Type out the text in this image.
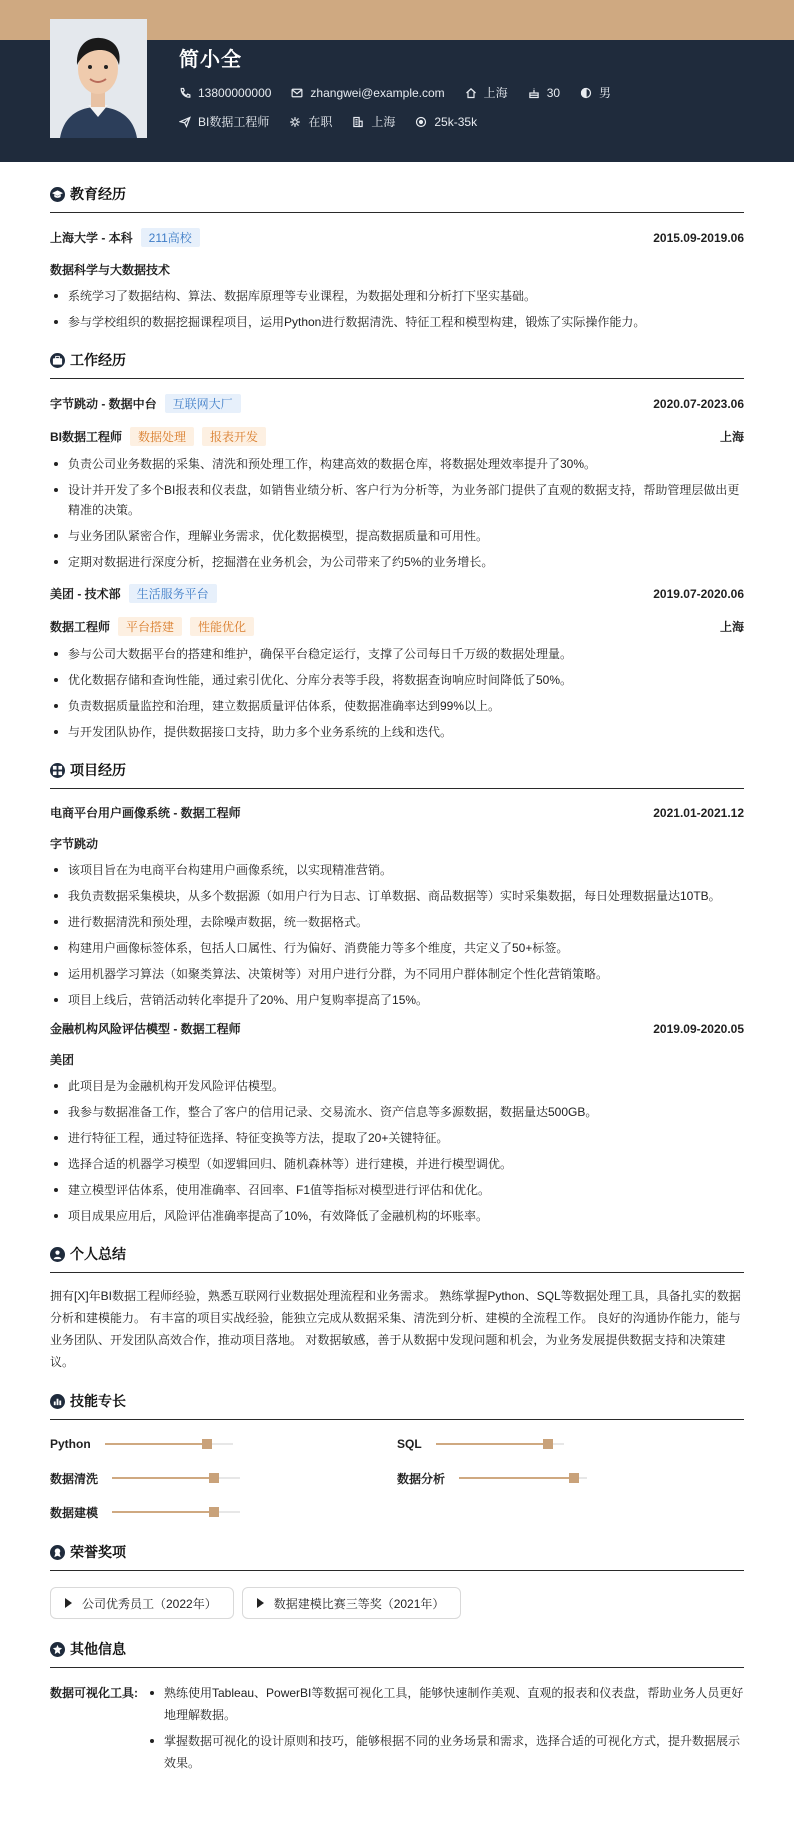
简小全
13800000000	zhangwei@example.com	上海	30	男
BI数据工程师	在职	上海	25k-35k
教育经历
上海大学 - 本科	211高校	2015.09-2019.06
数据科学与大数据技术
系统学习了数据结构、算法、数据库原理等专业课程，为数据处理和分析打下坚实基础。
参与学校组织的数据挖掘课程项目，运用Python进行数据清洗、特征工程和模型构建，锻炼了实际操作能力。
工作经历
字节跳动 - 数据中台	互联网大厂	2020.07-2023.06
BI数据工程师	数据处理	报表开发	上海
负责公司业务数据的采集、清洗和预处理工作，构建高效的数据仓库，将数据处理效率提升了30%。
设计并开发了多个BI报表和仪表盘，如销售业绩分析、客户行为分析等，为业务部门提供了直观的数据支持，帮助管理层做出更精准的决策。
与业务团队紧密合作，理解业务需求，优化数据模型，提高数据质量和可用性。
定期对数据进行深度分析，挖掘潜在业务机会，为公司带来了约5%的业务增长。
美团 - 技术部	生活服务平台	2019.07-2020.06
数据工程师	平台搭建	性能优化	上海
参与公司大数据平台的搭建和维护，确保平台稳定运行，支撑了公司每日千万级的数据处理量。
优化数据存储和查询性能，通过索引优化、分库分表等手段，将数据查询响应时间降低了50%。
负责数据质量监控和治理，建立数据质量评估体系，使数据准确率达到99%以上。
与开发团队协作，提供数据接口支持，助力多个业务系统的上线和迭代。
项目经历
电商平台用户画像系统 - 数据工程师	2021.01-2021.12
字节跳动
该项目旨在为电商平台构建用户画像系统，以实现精准营销。
我负责数据采集模块，从多个数据源（如用户行为日志、订单数据、商品数据等）实时采集数据，每日处理数据量达10TB。
进行数据清洗和预处理，去除噪声数据，统一数据格式。
构建用户画像标签体系，包括人口属性、行为偏好、消费能力等多个维度，共定义了50+标签。
运用机器学习算法（如聚类算法、决策树等）对用户进行分群，为不同用户群体制定个性化营销策略。
项目上线后，营销活动转化率提升了20%、用户复购率提高了15%。
金融机构风险评估模型 - 数据工程师	2019.09-2020.05
美团
此项目是为金融机构开发风险评估模型。
我参与数据准备工作，整合了客户的信用记录、交易流水、资产信息等多源数据，数据量达500GB。
进行特征工程，通过特征选择、特征变换等方法，提取了20+关键特征。
选择合适的机器学习模型（如逻辑回归、随机森林等）进行建模，并进行模型调优。
建立模型评估体系，使用准确率、召回率、F1值等指标对模型进行评估和优化。
项目成果应用后，风险评估准确率提高了10%，有效降低了金融机构的坏账率。
个人总结
拥有[X]年BI数据工程师经验，熟悉互联网行业数据处理流程和业务需求。 熟练掌握Python、SQL等数据处理工具，具备扎实的数据分析和建模能力。 有丰富的项目实战经验，能独立完成从数据采集、清洗到分析、建模的全流程工作。 良好的沟通协作能力，能与业务团队、开发团队高效合作，推动项目落地。 对数据敏感，善于从数据中发现问题和机会，为业务发展提供数据支持和决策建议。
技能专长
Python	SQL
数据清洗	数据分析
数据建模
荣誉奖项
公司优秀员工（2022年）	数据建模比赛三等奖（2021年）
其他信息
数据可视化工具:	熟练使用Tableau、PowerBI等数据可视化工具，能够快速制作美观、直观的报表和仪表盘，帮助业务人员更好地理解数据。
掌握数据可视化的设计原则和技巧，能够根据不同的业务场景和需求，选择合适的可视化方式，提升数据展示效果。
